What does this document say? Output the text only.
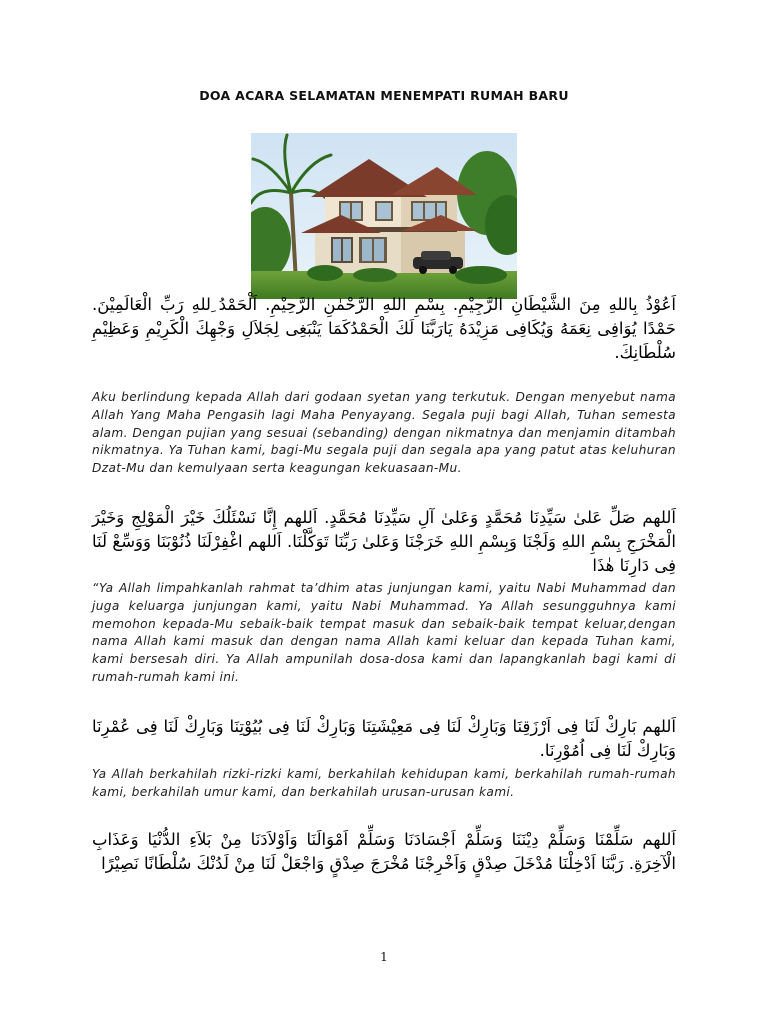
DOA ACARA SELAMATAN MENEMPATI RUMAH BARU
اَعُوْذُ بِاللهِ مِنَ الشَّيْطَانِ الرَّجِيْمِ. بِسْمِ اللهِ الرَّحْمٰنِ الرَّحِيْمِ. اَلْحَمْدُ ِللهِ رَبِّ الْعَالَمِيْنَ. حَمْدًا يُوَافِى نِعَمَهُ وَيُكَافِى مَزِيْدَهُ يَارَبَّنَا لَكَ الْحَمْدُكَمَا يَنْبَغِى لِجَلاَلِ وَجْهِكَ الْكَرِيْمِ وَعَظِيْمِ سُلْطَانِكَ.
Aku berlindung kepada Allah dari godaan syetan yang terkutuk. Dengan menyebut nama Allah Yang Maha Pengasih lagi Maha Penyayang. Segala puji bagi Allah, Tuhan semesta alam. Dengan pujian yang sesuai (sebanding) dengan nikmatnya dan menjamin ditambah nikmatnya. Ya Tuhan kami, bagi-Mu segala puji dan segala apa yang patut atas keluhuran Dzat-Mu dan kemulyaan serta keagungan kekuasaan-Mu.
اَللهم صَلِّ عَلىٰ سَيِّدِنَا مُحَمَّدٍ وَعَلىٰ آلِ سَيِّدِنَا مُحَمَّدٍ. اَللهم إِنَّا نَسْئَلُكَ خَيْرَ الْمَوْلِجِ وَخَيْرَ الْمَخْرَجِ بِسْمِ اللهِ وَلَجْنَا وَبِسْمِ اللهِ خَرَجْنَا وَعَلىٰ رَبِّنَا تَوَكَّلْنَا. اَللهم اغْفِرْلَنَا ذُنُوْبَنَا وَوَسِّعْ لَنَا فِى دَارِنَا هٰذَا
“Ya Allah limpahkanlah rahmat ta’dhim atas junjungan kami, yaitu Nabi Muhammad dan juga keluarga junjungan kami, yaitu Nabi Muhammad. Ya Allah sesungguhnya kami memohon kepada-Mu sebaik-baik tempat masuk dan sebaik-baik tempat keluar,dengan nama Allah kami masuk dan dengan nama Allah kami keluar dan kepada Tuhan kami, kami bersesah diri. Ya Allah ampunilah dosa-dosa kami dan lapangkanlah bagi kami di rumah-rumah kami ini.
اَللهم بَارِكْ لَنَا فِى اَرْزَقِنَا وَبَارِكْ لَنَا فِى مَعِيْشَتِنَا وَبَارِكْ لَنَا فِى بُيُوْتِنَا وَبَارِكْ لَنَا فِى عُمْرِنَا وَبَارِكْ لَنَا فِى اُمُوْرِنَا.
Ya Allah berkahilah rizki-rizki kami, berkahilah kehidupan kami, berkahilah rumah-rumah kami, berkahilah umur kami, dan berkahilah urusan-urusan kami.
اَللهم سَلِّمْنَا وَسَلِّمْ دِيْنَنَا وَسَلِّمْ اَجْسَادَنَا وَسَلِّمْ اَمْوَالَنَا وَاَوْلاَدَنَا مِنْ بَلاَءِ الدُّنْيَا وَعَذَابِ الْآخِرَةِ. رَبَّنَا اَدْخِلْنَا مُدْخَلَ صِدْقٍ وَاَخْرِجْنَا مُخْرَجَ صِدْقٍ وَاجْعَلْ لَنَا مِنْ لَدُنْكَ سُلْطَانًا نَصِيْرًا
1
